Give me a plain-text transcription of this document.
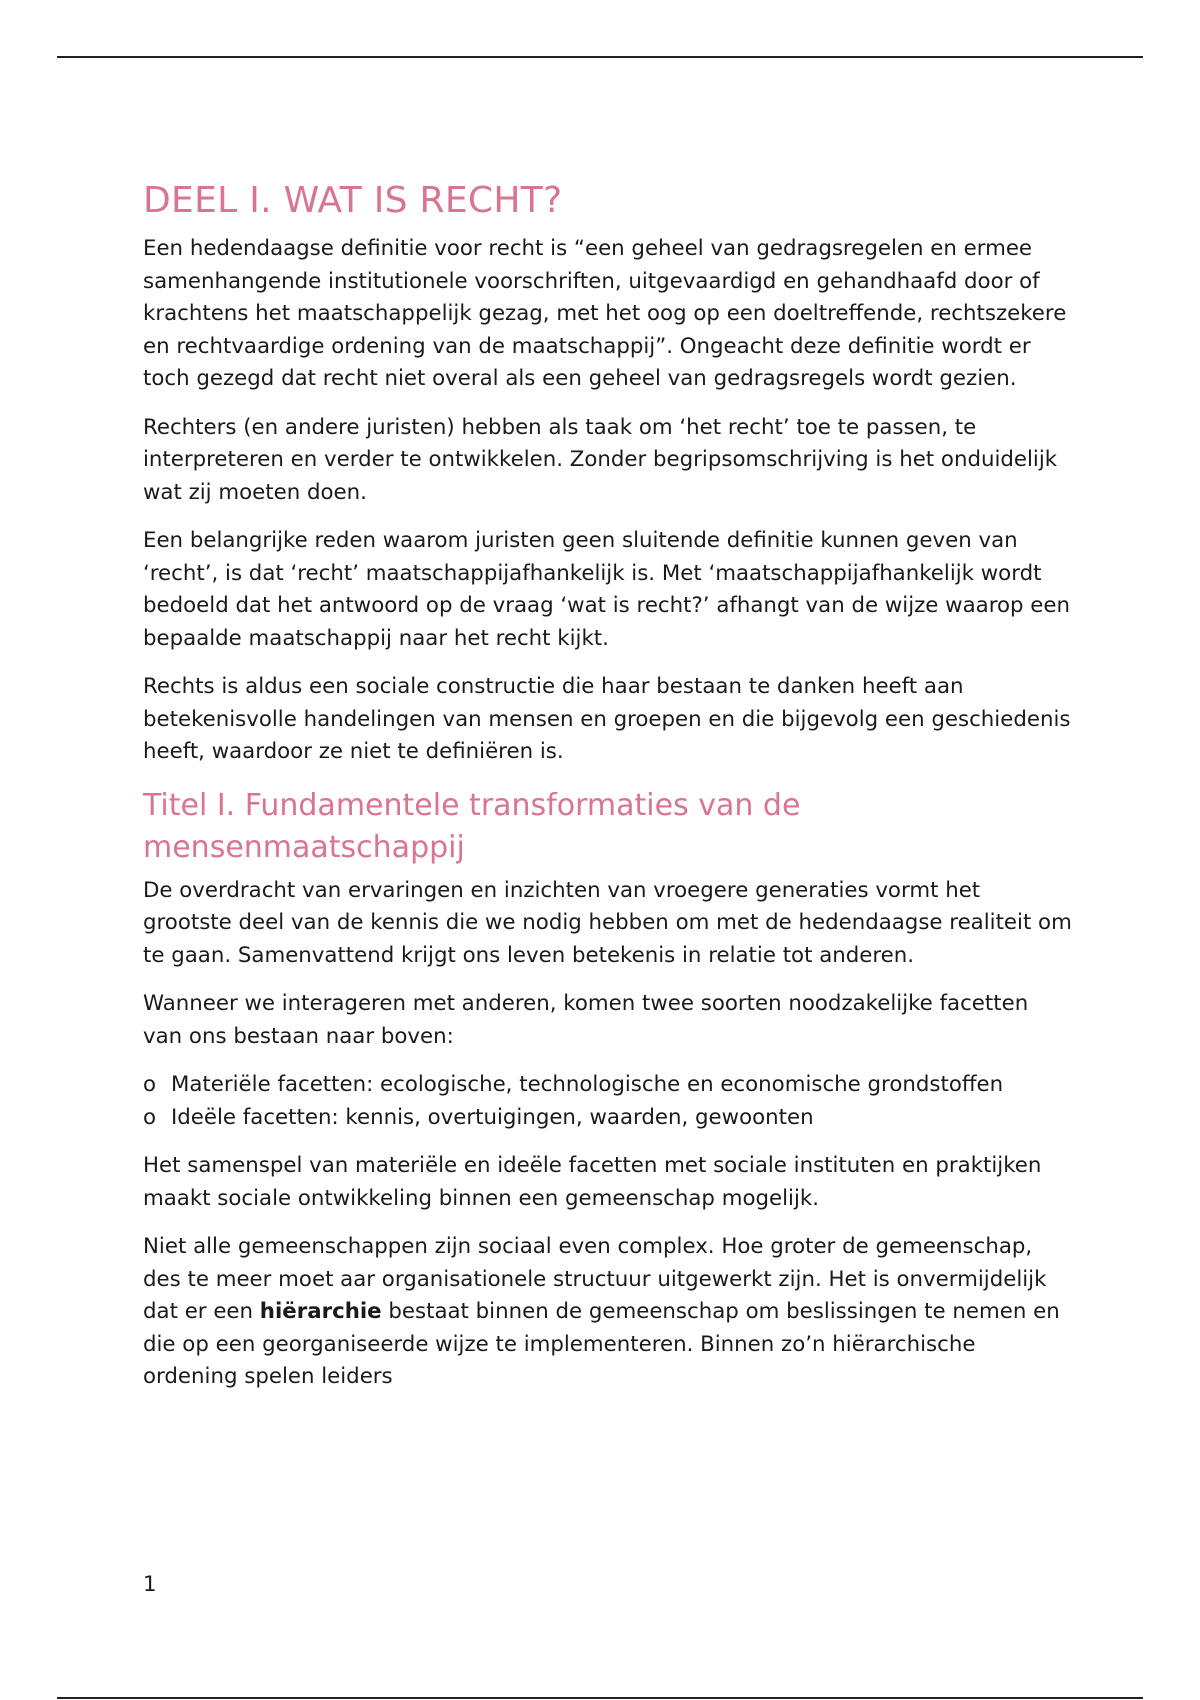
DEEL I. WAT IS RECHT?

Een hedendaagse definitie voor recht is “een geheel van gedragsregelen en ermee samenhangende institutionele voorschriften, uitgevaardigd en gehandhaafd door of krachtens het maatschappelijk gezag, met het oog op een doeltreffende, rechtszekere en rechtvaardige ordening van de maatschappij”. Ongeacht deze definitie wordt er toch gezegd dat recht niet overal als een geheel van gedragsregels wordt gezien.

Rechters (en andere juristen) hebben als taak om ‘het recht’ toe te passen, te interpreteren en verder te ontwikkelen. Zonder begripsomschrijving is het onduidelijk wat zij moeten doen.

Een belangrijke reden waarom juristen geen sluitende definitie kunnen geven van ‘recht’, is dat ‘recht’ maatschappijafhankelijk is. Met ‘maatschappijafhankelijk wordt bedoeld dat het antwoord op de vraag ‘wat is recht?’ afhangt van de wijze waarop een bepaalde maatschappij naar het recht kijkt.

Rechts is aldus een sociale constructie die haar bestaan te danken heeft aan betekenisvolle handelingen van mensen en groepen en die bijgevolg een geschiedenis heeft, waardoor ze niet te definiëren is.

Titel I. Fundamentele transformaties van de mensenmaatschappij

De overdracht van ervaringen en inzichten van vroegere generaties vormt het grootste deel van de kennis die we nodig hebben om met de hedendaagse realiteit om te gaan. Samenvattend krijgt ons leven betekenis in relatie tot anderen.

Wanneer we interageren met anderen, komen twee soorten noodzakelijke facetten van ons bestaan naar boven:

o Materiële facetten: ecologische, technologische en economische grondstoffen
o Ideële facetten: kennis, overtuigingen, waarden, gewoonten

Het samenspel van materiële en ideële facetten met sociale instituten en praktijken maakt sociale ontwikkeling binnen een gemeenschap mogelijk.

Niet alle gemeenschappen zijn sociaal even complex. Hoe groter de gemeenschap, des te meer moet aar organisationele structuur uitgewerkt zijn. Het is onvermijdelijk dat er een hiërarchie bestaat binnen de gemeenschap om beslissingen te nemen en die op een georganiseerde wijze te implementeren. Binnen zo’n hiërarchische ordening spelen leiders

1
